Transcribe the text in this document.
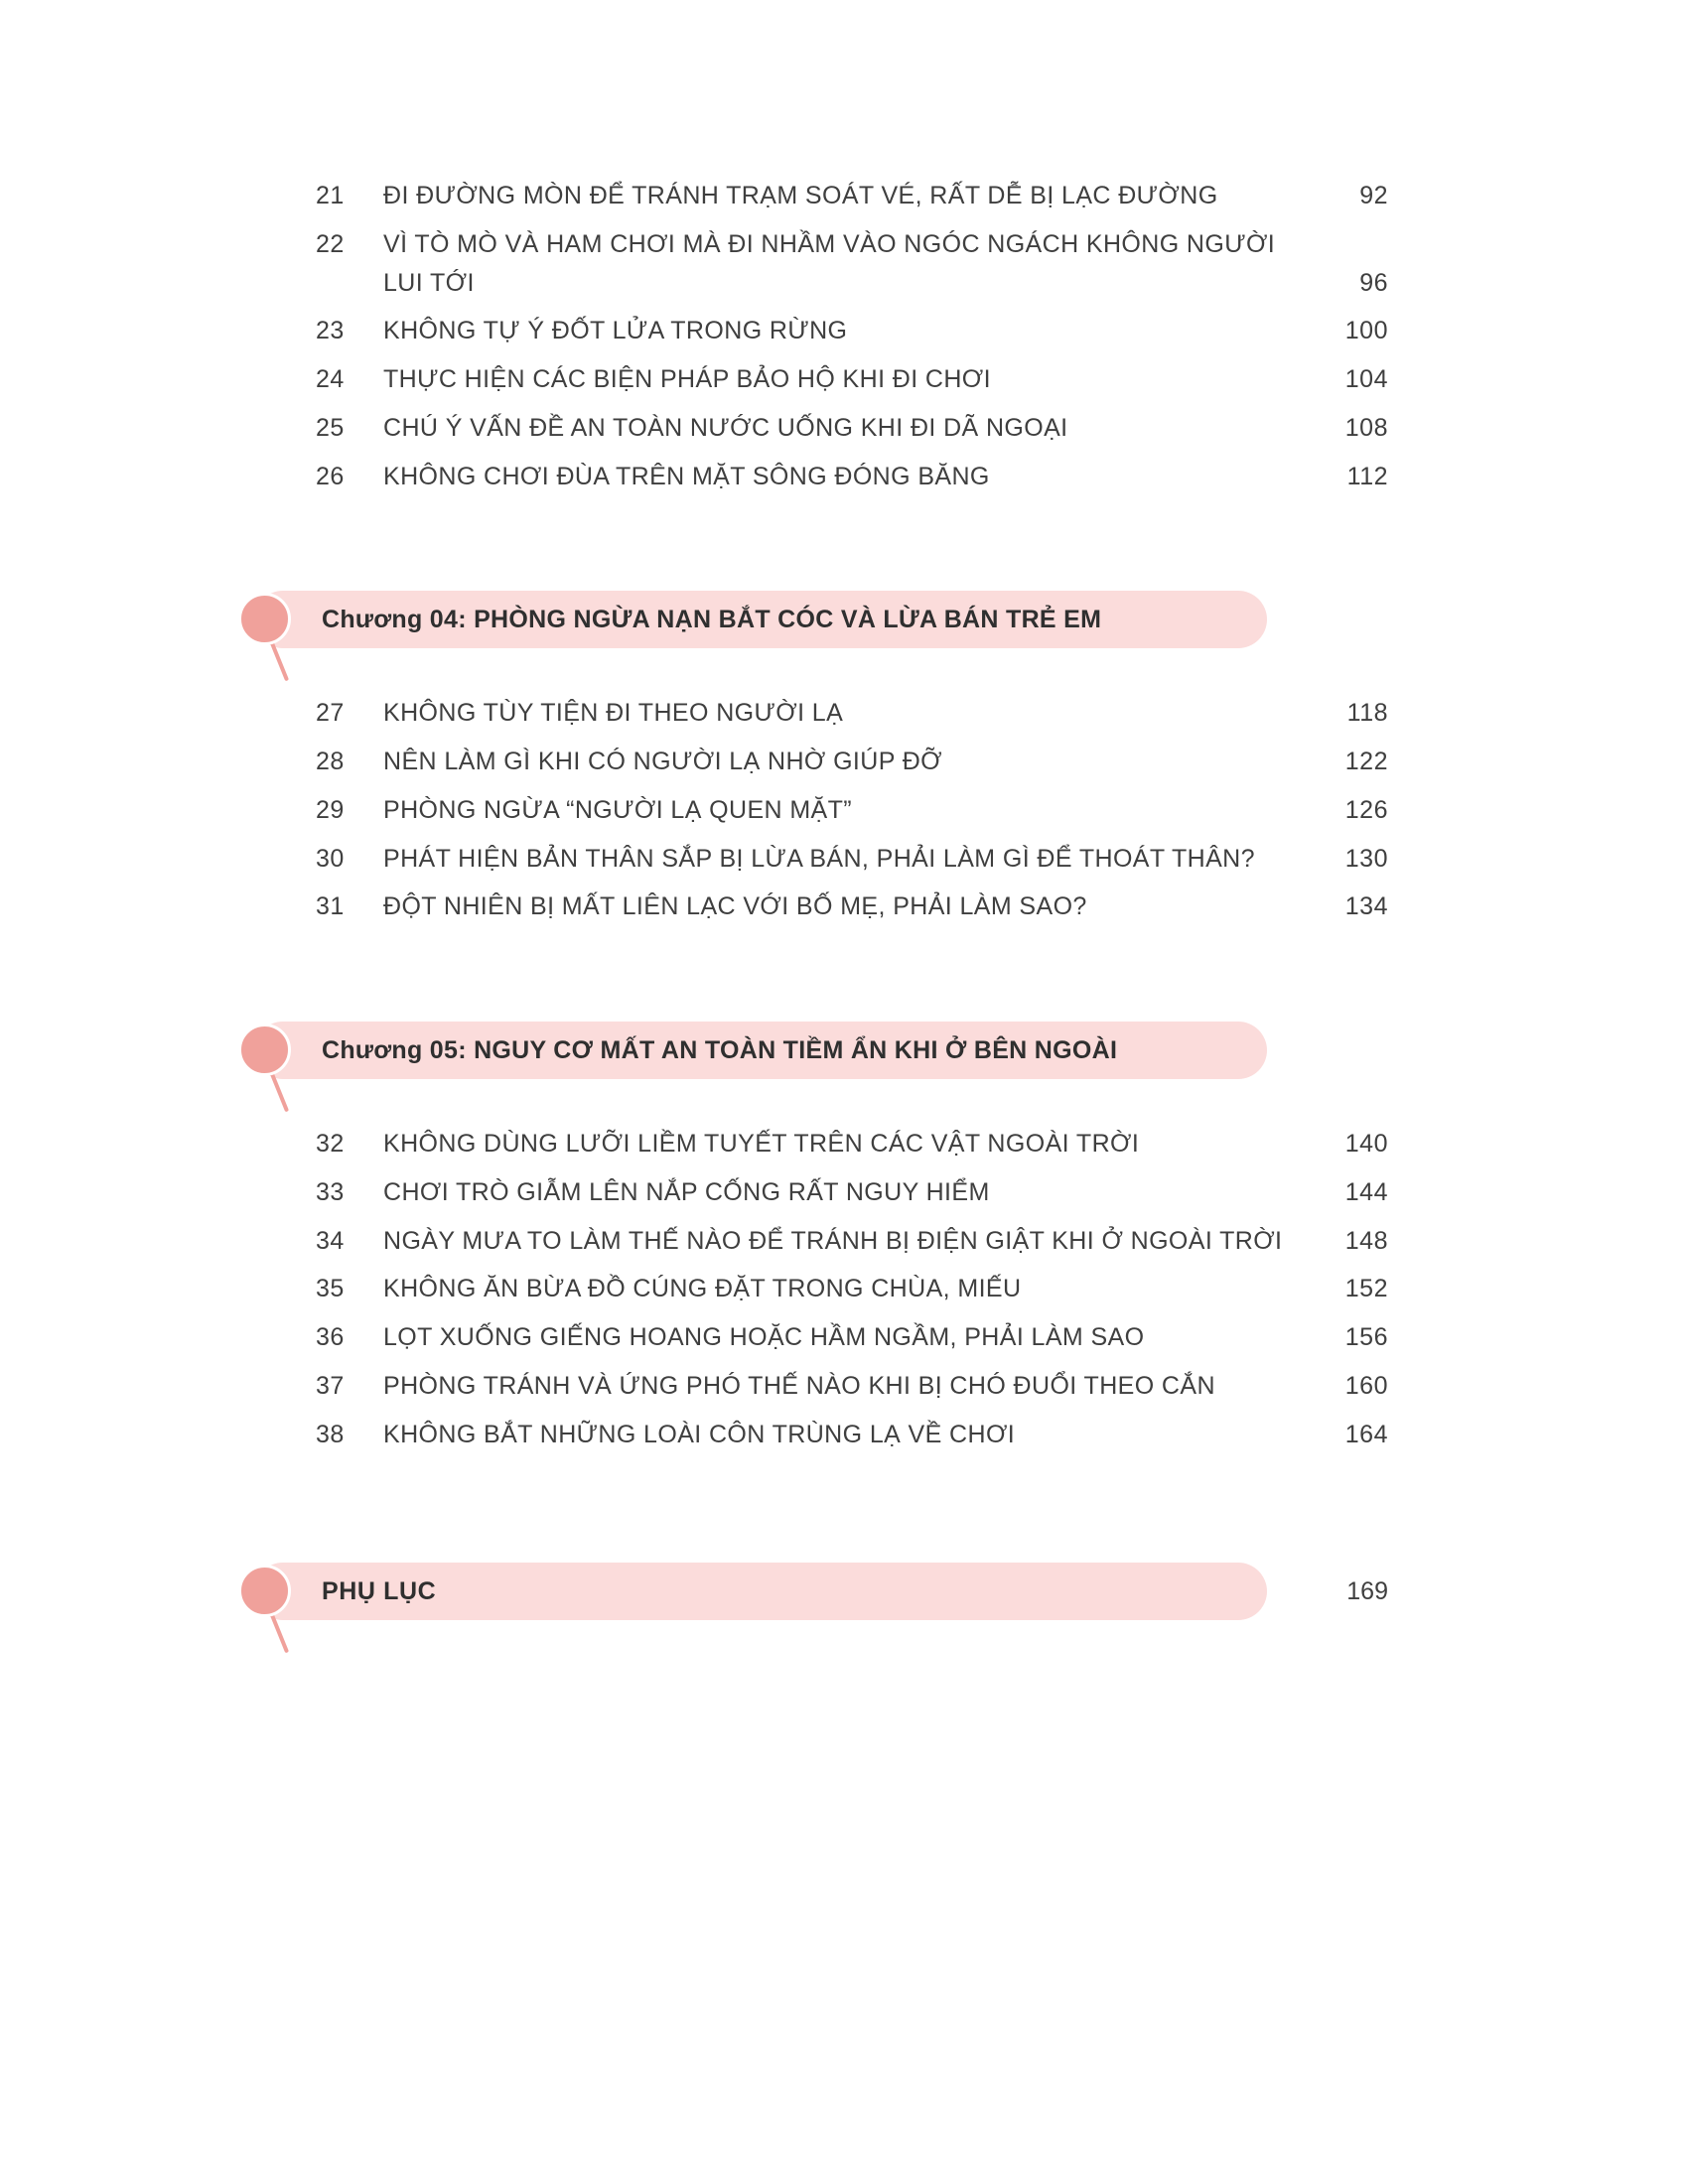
21	ĐI ĐƯỜNG MÒN ĐỂ TRÁNH TRẠM SOÁT VÉ, RẤT DỄ BỊ LẠC ĐƯỜNG	92
22	VÌ TÒ MÒ VÀ HAM CHƠI MÀ ĐI NHẦM VÀO NGÓC NGÁCH KHÔNG NGƯỜI LUI TỚI	96
23	KHÔNG TỰ Ý ĐỐT LỬA TRONG RỪNG	100
24	THỰC HIỆN CÁC BIỆN PHÁP BẢO HỘ KHI ĐI CHƠI	104
25	CHÚ Ý VẤN ĐỀ AN TOÀN NƯỚC UỐNG KHI ĐI DÃ NGOẠI	108
26	KHÔNG CHƠI ĐÙA TRÊN MẶT SÔNG ĐÓNG BĂNG	112
Chương 04: PHÒNG NGỪA NẠN BẮT CÓC VÀ LỪA BÁN TRẺ EM
27	KHÔNG TÙY TIỆN ĐI THEO NGƯỜI LẠ	118
28	NÊN LÀM GÌ KHI CÓ NGƯỜI LẠ NHỜ GIÚP ĐỠ	122
29	PHÒNG NGỪA “NGƯỜI LẠ QUEN MẶT”	126
30	PHÁT HIỆN BẢN THÂN SẮP BỊ LỪA BÁN, PHẢI LÀM GÌ ĐỂ THOÁT THÂN?	130
31	ĐỘT NHIÊN BỊ MẤT LIÊN LẠC VỚI BỐ MẸ, PHẢI LÀM SAO?	134
Chương 05: NGUY CƠ MẤT AN TOÀN TIỀM ẨN KHI Ở BÊN NGOÀI
32	KHÔNG DÙNG LƯỠI LIỀM TUYẾT TRÊN CÁC VẬT NGOÀI TRỜI	140
33	CHƠI TRÒ GIẪM LÊN NẮP CỐNG RẤT NGUY HIỂM	144
34	NGÀY MƯA TO LÀM THẾ NÀO ĐỂ TRÁNH BỊ ĐIỆN GIẬT KHI Ở NGOÀI TRỜI	148
35	KHÔNG ĂN BỪA ĐỒ CÚNG ĐẶT TRONG CHÙA, MIẾU	152
36	LỌT XUỐNG GIẾNG HOANG HOẶC HẦM NGẦM, PHẢI LÀM SAO	156
37	PHÒNG TRÁNH VÀ ỨNG PHÓ THẾ NÀO KHI BỊ CHÓ ĐUỔI THEO CẮN	160
38	KHÔNG BẮT NHỮNG LOÀI CÔN TRÙNG LẠ VỀ CHƠI	164
PHỤ LỤC	169
